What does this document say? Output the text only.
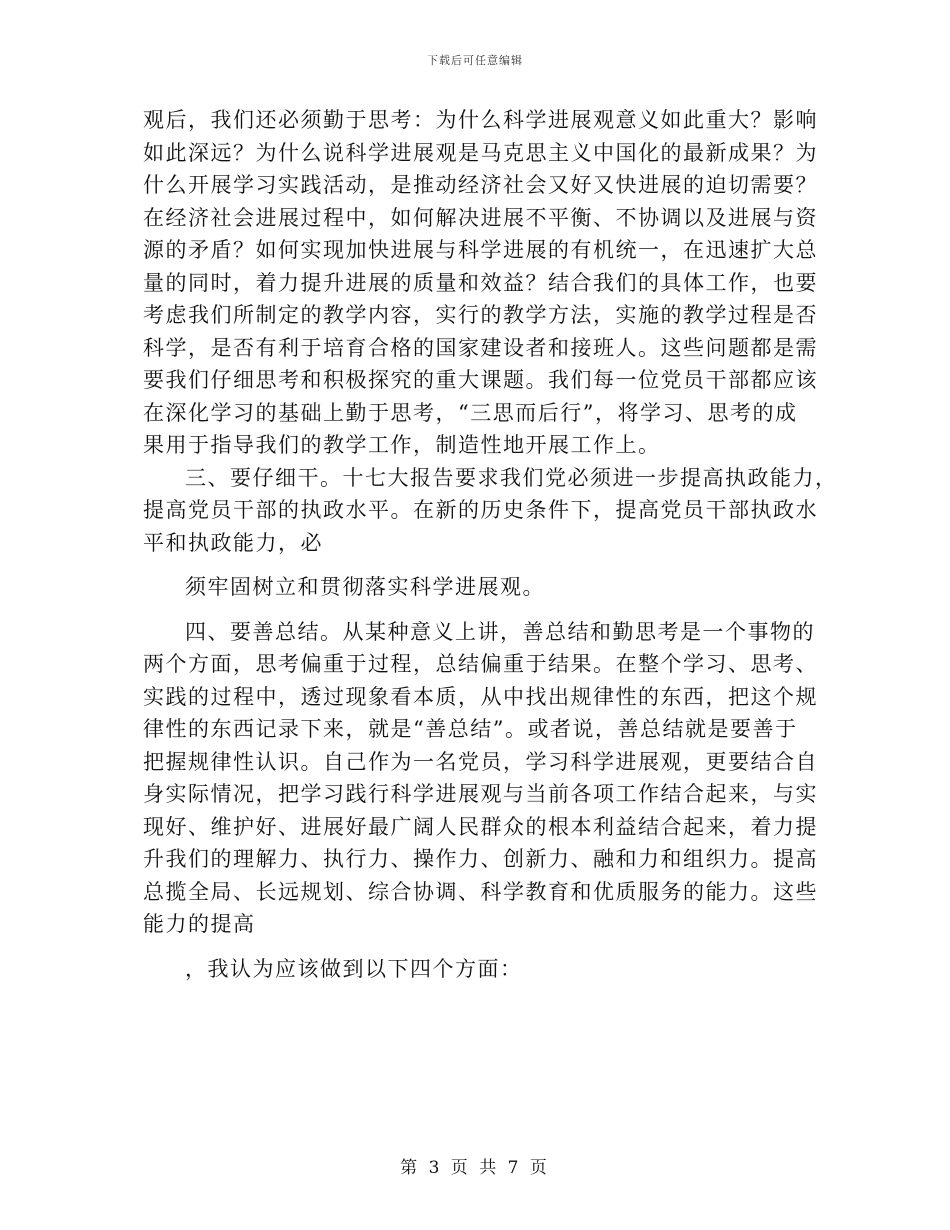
下载后可任意编辑
观后，我们还必须勤于思考：为什么科学进展观意义如此重大？影响
如此深远？为什么说科学进展观是马克思主义中国化的最新成果？为
什么开展学习实践活动，是推动经济社会又好又快进展的迫切需要？
在经济社会进展过程中，如何解决进展不平衡、不协调以及进展与资
源的矛盾？如何实现加快进展与科学进展的有机统一，在迅速扩大总
量的同时，着力提升进展的质量和效益？结合我们的具体工作，也要
考虑我们所制定的教学内容，实行的教学方法，实施的教学过程是否
科学，是否有利于培育合格的国家建设者和接班人。这些问题都是需
要我们仔细思考和积极探究的重大课题。我们每一位党员干部都应该
在深化学习的基础上勤于思考，“三思而后行”，将学习、思考的成
果用于指导我们的教学工作，制造性地开展工作上。
三、要仔细干。十七大报告要求我们党必须进一步提高执政能力，
提高党员干部的执政水平。在新的历史条件下，提高党员干部执政水
平和执政能力，必
须牢固树立和贯彻落实科学进展观。
四、要善总结。从某种意义上讲，善总结和勤思考是一个事物的
两个方面，思考偏重于过程，总结偏重于结果。在整个学习、思考、
实践的过程中，透过现象看本质，从中找出规律性的东西，把这个规
律性的东西记录下来，就是“善总结”。或者说，善总结就是要善于
把握规律性认识。自己作为一名党员，学习科学进展观，更要结合自
身实际情况，把学习践行科学进展观与当前各项工作结合起来，与实
现好、维护好、进展好最广阔人民群众的根本利益结合起来，着力提
升我们的理解力、执行力、操作力、创新力、融和力和组织力。提高
总揽全局、长远规划、综合协调、科学教育和优质服务的能力。这些
能力的提高
，我认为应该做到以下四个方面：
第 3 页 共 7 页
